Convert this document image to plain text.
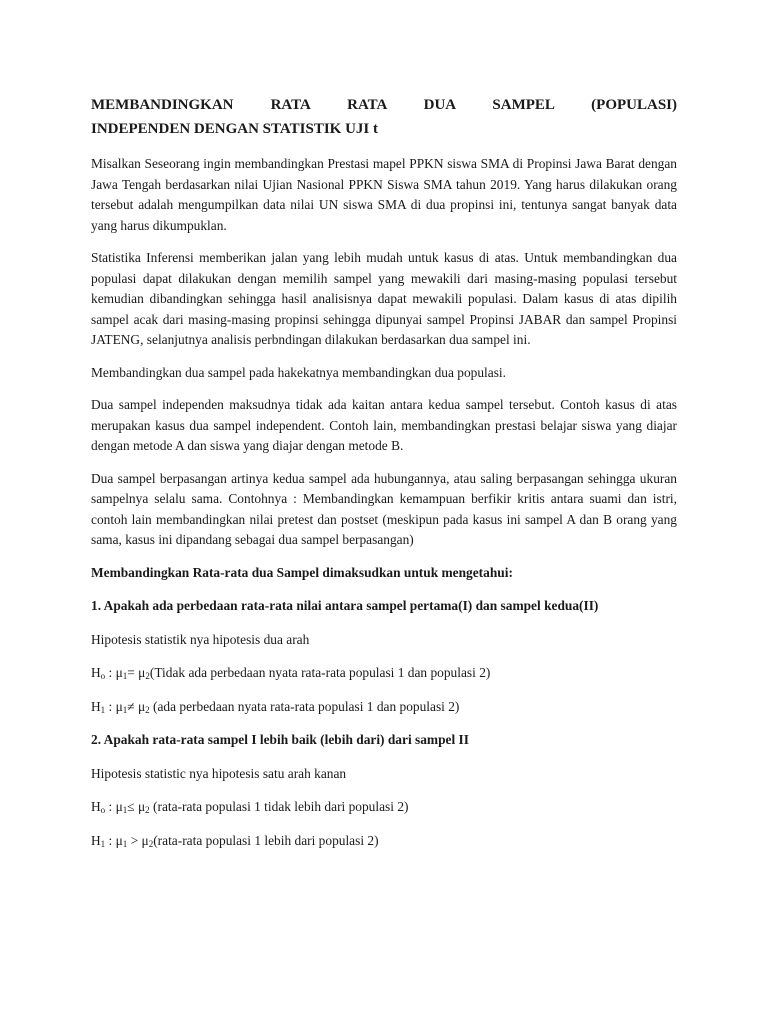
MEMBANDINGKAN RATA RATA DUA SAMPEL (POPULASI)
INDEPENDEN DENGAN STATISTIK UJI t

Misalkan Seseorang ingin membandingkan Prestasi mapel PPKN siswa SMA di Propinsi Jawa Barat dengan Jawa Tengah berdasarkan nilai Ujian Nasional PPKN Siswa SMA tahun 2019. Yang harus dilakukan orang tersebut adalah mengumpilkan data nilai UN siswa SMA di dua propinsi ini, tentunya sangat banyak data yang harus dikumpuklan.

Statistika Inferensi memberikan jalan yang lebih mudah untuk kasus di atas. Untuk membandingkan dua populasi dapat dilakukan dengan memilih sampel yang mewakili dari masing-masing populasi tersebut kemudian dibandingkan sehingga hasil analisisnya dapat mewakili populasi. Dalam kasus di atas dipilih sampel acak dari masing-masing propinsi sehingga dipunyai sampel Propinsi JABAR dan sampel Propinsi JATENG, selanjutnya analisis perbndingan dilakukan berdasarkan dua sampel ini.

Membandingkan dua sampel pada hakekatnya membandingkan dua populasi.

Dua sampel independen maksudnya tidak ada kaitan antara kedua sampel tersebut. Contoh kasus di atas merupakan kasus dua sampel independent. Contoh lain, membandingkan prestasi belajar siswa yang diajar dengan metode A dan siswa yang diajar dengan metode B.

Dua sampel berpasangan artinya kedua sampel ada hubungannya, atau saling berpasangan sehingga ukuran sampelnya selalu sama. Contohnya : Membandingkan kemampuan berfikir kritis antara suami dan istri, contoh lain membandingkan nilai pretest dan postset (meskipun pada kasus ini sampel A dan B orang yang sama, kasus ini dipandang sebagai dua sampel berpasangan)

Membandingkan Rata-rata dua Sampel dimaksudkan untuk mengetahui:

1. Apakah ada perbedaan rata-rata nilai antara sampel pertama(I) dan sampel kedua(II)

Hipotesis statistik nya hipotesis dua arah

$H_o$ : $\mu_1=$ $\mu_2(Tidak$ ada perbedaan nyata rata-rata populasi 1 dan populasi 2)

$H_1$ : $\mu_1\ne \mu_2$ (ada perbedaan nyata rata-rata populasi 1 dan populasi 2)

2. Apakah rata-rata sampel I lebih baik (lebih dari) dari sampel II

Hipotesis statistic nya hipotesis satu arah kanan

$H_o$ : $\mu_1\le \mu_2$ (rata-rata populasi 1 tidak lebih dari populasi 2)

$H_1$ : $\mu_1$ > $\mu_2(rata$-rata populasi 1 lebih dari populasi 2)
